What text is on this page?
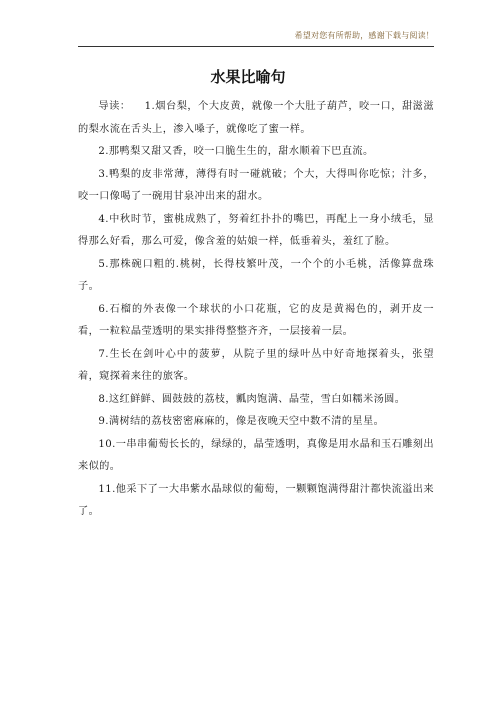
希望对您有所帮助，感谢下载与阅读！
水果比喻句

导读： 1.烟台梨，个大皮黄，就像一个大肚子葫芦，咬一口，甜滋滋的梨水流在舌头上，渗入嗓子，就像吃了蜜一样。

2.那鸭梨又甜又香，咬一口脆生生的，甜水顺着下巴直流。

3.鸭梨的皮非常薄，薄得有时一碰就破；个大，大得叫你吃惊；汁多，咬一口像喝了一碗用甘泉冲出来的甜水。

4.中秋时节，蜜桃成熟了，努着红扑扑的嘴巴，再配上一身小绒毛，显得那么好看，那么可爱，像含羞的姑娘一样，低垂着头，羞红了脸。

5.那株碗口粗的.桃树，长得枝繁叶茂，一个个的小毛桃，活像算盘珠子。

6.石榴的外表像一个球状的小口花瓶，它的皮是黄褐色的，剥开皮一看，一粒粒晶莹透明的果实排得整整齐齐，一层接着一层。

7.生长在剑叶心中的菠萝，从院子里的绿叶丛中好奇地探着头，张望着，窥探着来往的旅客。

8.这红鲜鲜、圆鼓鼓的荔枝，瓤肉饱满、晶莹，雪白如糯米汤圆。

9.满树结的荔枝密密麻麻的，像是夜晚天空中数不清的星星。

10.一串串葡萄长长的，绿绿的，晶莹透明，真像是用水晶和玉石雕刻出来似的。

11.他采下了一大串紫水晶球似的葡萄，一颗颗饱满得甜汁都快流溢出来了。
